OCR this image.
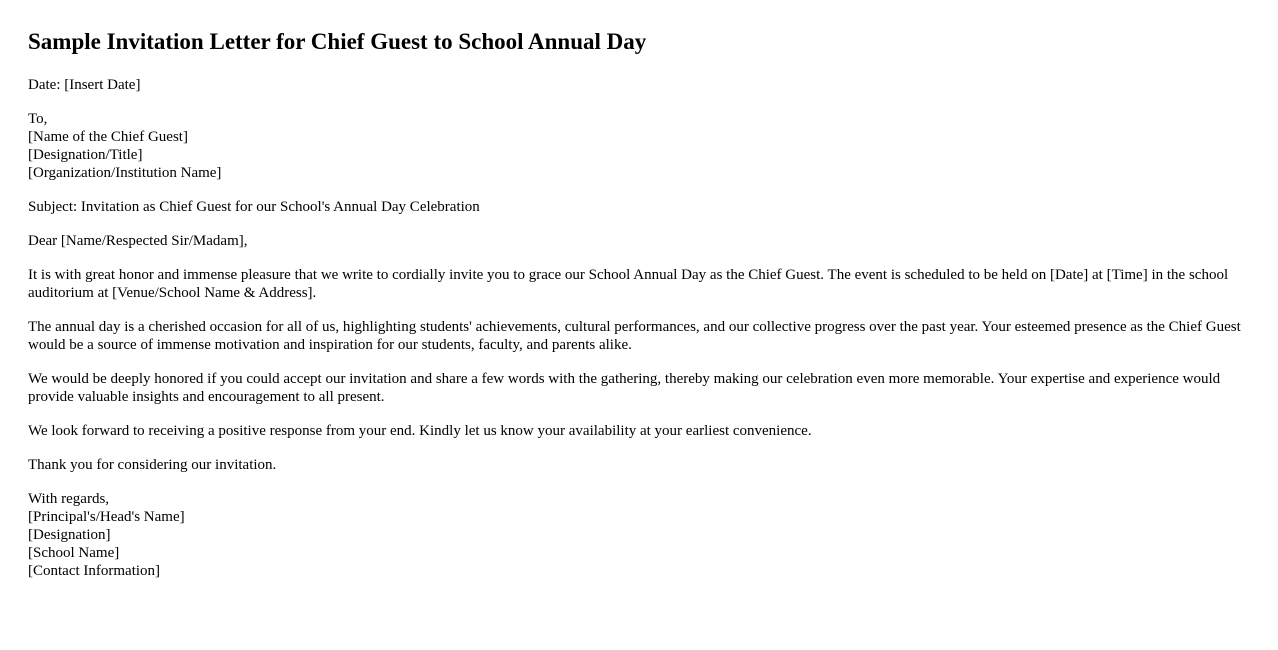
Sample Invitation Letter for Chief Guest to School Annual Day

Date: [Insert Date]

To,
[Name of the Chief Guest]
[Designation/Title]
[Organization/Institution Name]

Subject: Invitation as Chief Guest for our School's Annual Day Celebration

Dear [Name/Respected Sir/Madam],

It is with great honor and immense pleasure that we write to cordially invite you to grace our School Annual Day as the Chief Guest. The event is scheduled to be held on [Date] at [Time] in the school auditorium at [Venue/School Name & Address].

The annual day is a cherished occasion for all of us, highlighting students' achievements, cultural performances, and our collective progress over the past year. Your esteemed presence as the Chief Guest would be a source of immense motivation and inspiration for our students, faculty, and parents alike.

We would be deeply honored if you could accept our invitation and share a few words with the gathering, thereby making our celebration even more memorable. Your expertise and experience would provide valuable insights and encouragement to all present.

We look forward to receiving a positive response from your end. Kindly let us know your availability at your earliest convenience.

Thank you for considering our invitation.

With regards,
[Principal's/Head's Name]
[Designation]
[School Name]
[Contact Information]
